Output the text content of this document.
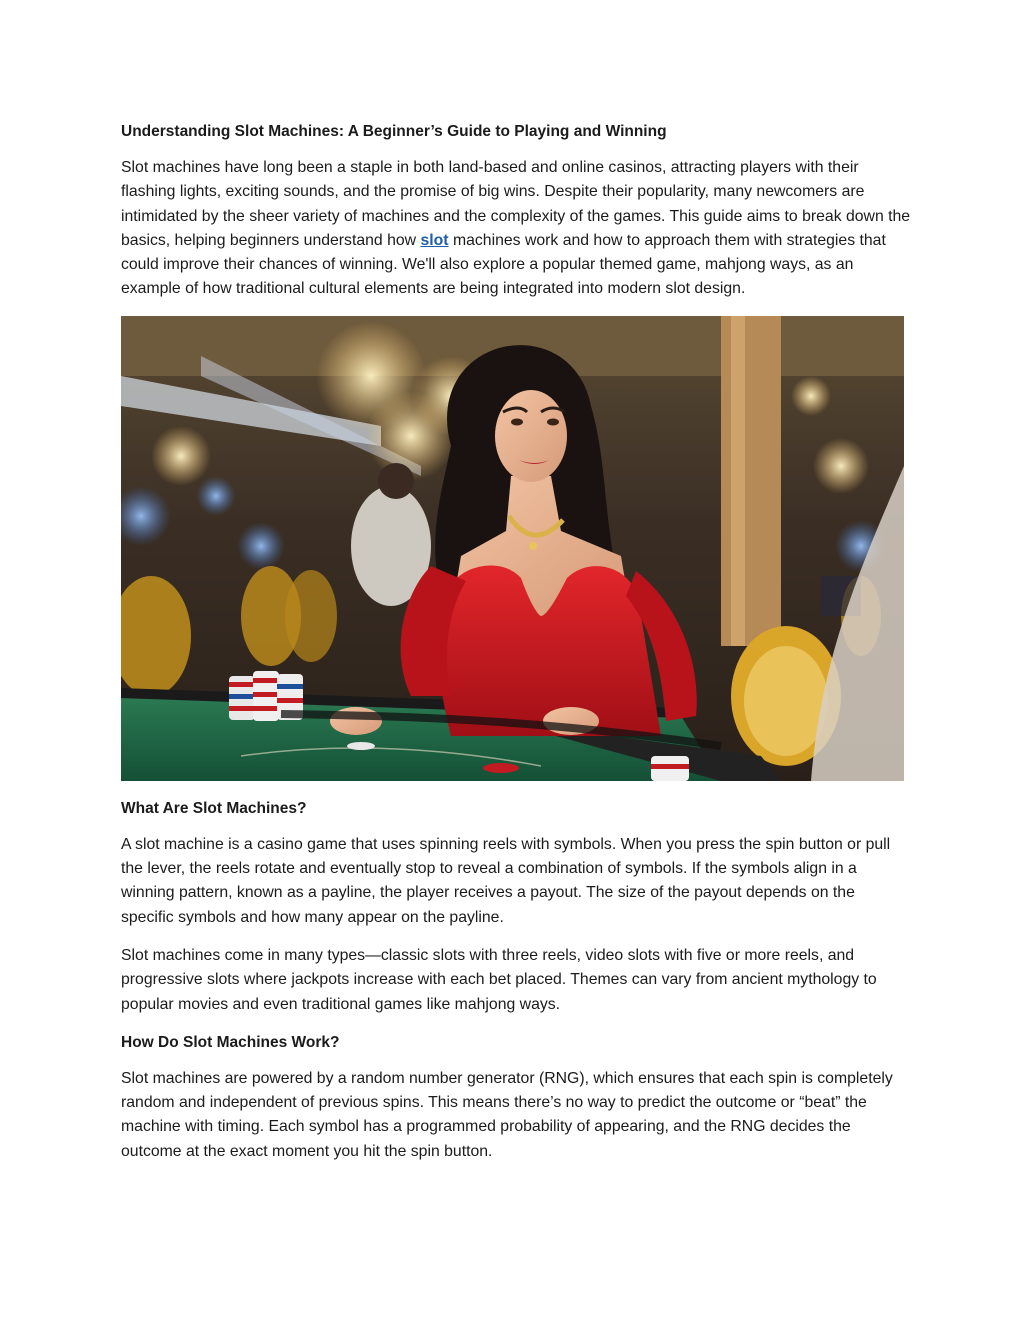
Understanding Slot Machines: A Beginner’s Guide to Playing and Winning

Slot machines have long been a staple in both land-based and online casinos, attracting players with their flashing lights, exciting sounds, and the promise of big wins. Despite their popularity, many newcomers are intimidated by the sheer variety of machines and the complexity of the games. This guide aims to break down the basics, helping beginners understand how slot machines work and how to approach them with strategies that could improve their chances of winning. We'll also explore a popular themed game, mahjong ways, as an example of how traditional cultural elements are being integrated into modern slot design.

What Are Slot Machines?

A slot machine is a casino game that uses spinning reels with symbols. When you press the spin button or pull the lever, the reels rotate and eventually stop to reveal a combination of symbols. If the symbols align in a winning pattern, known as a payline, the player receives a payout. The size of the payout depends on the specific symbols and how many appear on the payline.

Slot machines come in many types—classic slots with three reels, video slots with five or more reels, and progressive slots where jackpots increase with each bet placed. Themes can vary from ancient mythology to popular movies and even traditional games like mahjong ways.

How Do Slot Machines Work?

Slot machines are powered by a random number generator (RNG), which ensures that each spin is completely random and independent of previous spins. This means there’s no way to predict the outcome or “beat” the machine with timing. Each symbol has a programmed probability of appearing, and the RNG decides the outcome at the exact moment you hit the spin button.
